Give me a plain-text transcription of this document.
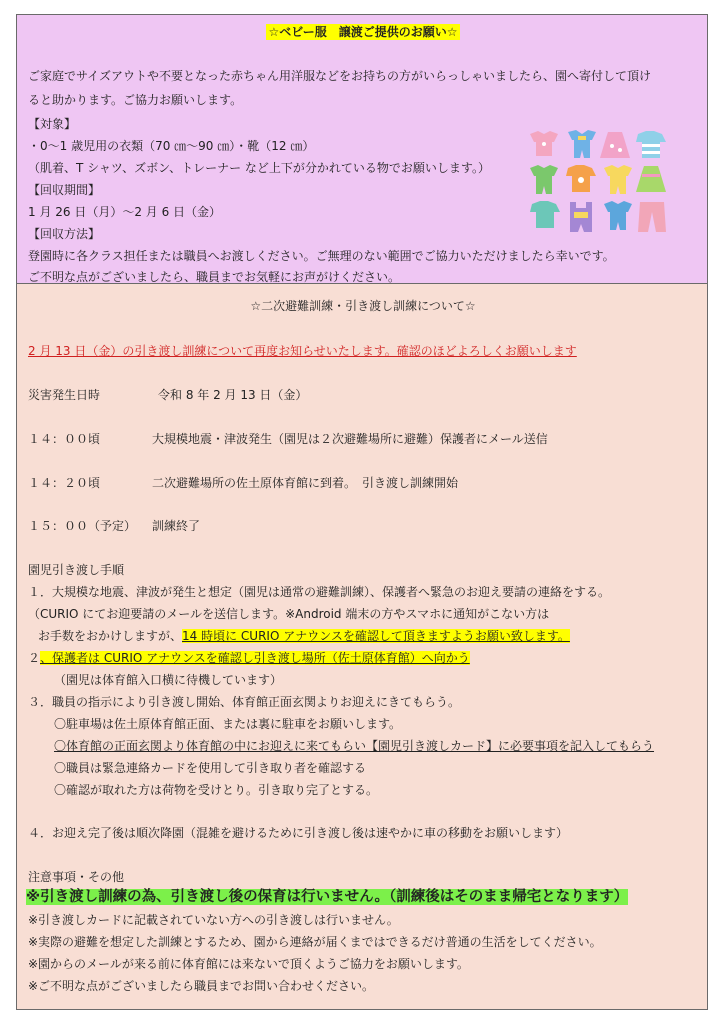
☆ベビー服　譲渡ご提供のお願い☆
ご家庭でサイズアウトや不要となった赤ちゃん用洋服などをお持ちの方がいらっしゃいましたら、園へ寄付して頂け
ると助かります。ご協力お願いします。
【対象】
・0～1 歳児用の衣類（70 ㎝～90 ㎝）・靴（12 ㎝）
（肌着、T シャツ、ズボン、トレーナー など上下が分かれている物でお願いします。）
【回収期間】
1 月 26 日（月）～2 月 6 日（金）
【回収方法】
登園時に各クラス担任または職員へお渡しください。ご無理のない範囲でご協力いただけましたら幸いです。
ご不明な点がございましたら、職員までお気軽にお声がけください。
☆二次避難訓練・引き渡し訓練について☆
2 月 13 日（金）の引き渡し訓練について再度お知らせいたします。確認のほどよろしくお願いします
災害発生日時	令和 8 年 2 月 13 日（金）
１４：００頃	大規模地震・津波発生（園児は２次避難場所に避難）保護者にメール送信
１４：２０頃	二次避難場所の佐土原体育館に到着。　引き渡し訓練開始
１５：００（予定） 訓練終了
園児引き渡し手順
１．大規模な地震、津波が発生と想定（園児は通常の避難訓練）、保護者へ緊急のお迎え要請の連絡をする。
（CURIO にてお迎要請のメールを送信します。※Android 端末の方やスマホに通知がこない方は
お手数をおかけしますが、14 時頃に CURIO アナウンスを確認して頂きますようお願い致します。
２、保護者は CURIO アナウンスを確認し引き渡し場所（佐土原体育館）へ向かう
（園児は体育館入口横に待機しています）
３．職員の指示により引き渡し開始、体育館正面玄関よりお迎えにきてもらう。
〇駐車場は佐土原体育館正面、または裏に駐車をお願いします。
〇体育館の正面玄関より体育館の中にお迎えに来てもらい【園児引き渡しカード】に必要事項を記入してもらう
〇職員は緊急連絡カードを使用して引き取り者を確認する
〇確認が取れた方は荷物を受けとり。引き取り完了とする。
４．お迎え完了後は順次降園（混雑を避けるために引き渡し後は速やかに車の移動をお願いします）
注意事項・その他
※引き渡し訓練の為、引き渡し後の保育は行いません。（訓練後はそのまま帰宅となります）
※引き渡しカードに記載されていない方への引き渡しは行いません。
※実際の避難を想定した訓練とするため、園から連絡が届くまではできるだけ普通の生活をしてください。
※園からのメールが来る前に体育館には来ないで頂くようご協力をお願いします。
※ご不明な点がございましたら職員までお問い合わせください。
